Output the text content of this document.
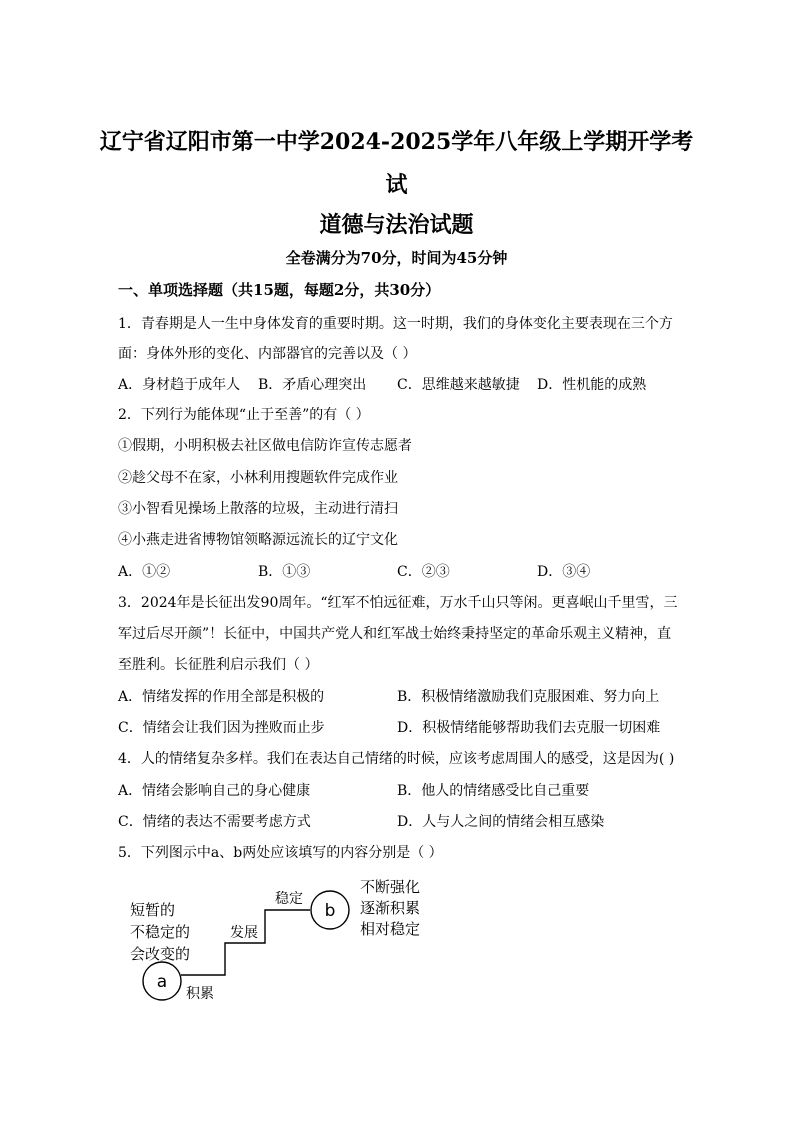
辽宁省辽阳市第一中学2024-2025学年八年级上学期开学考
试
道德与法治试题
全卷满分为70分，时间为45分钟
一、单项选择题（共15题，每题2分，共30分）
1．青春期是人一生中身体发育的重要时期。这一时期，我们的身体变化主要表现在三个方
面：身体外形的变化、内部器官的完善以及（ ）
A．身材趋于成年人 B．矛盾心理突出 C．思维越来越敏捷 D．性机能的成熟
2．下列行为能体现“止于至善”的有（ ）
①假期，小明积极去社区做电信防诈宣传志愿者
②趁父母不在家，小林利用搜题软件完成作业
③小智看见操场上散落的垃圾，主动进行清扫
④小燕走进省博物馆领略源远流长的辽宁文化
A．①②	B．①③	C．②③	D．③④
3．2024年是长征出发90周年。“红军不怕远征难，万水千山只等闲。更喜岷山千里雪，三
军过后尽开颜”！长征中，中国共产党人和红军战士始终秉持坚定的革命乐观主义精神，直
至胜利。长征胜利启示我们（ ）
A．情绪发挥的作用全部是积极的	B．积极情绪激励我们克服困难、努力向上
C．情绪会让我们因为挫败而止步	D．积极情绪能够帮助我们去克服一切困难
4．人的情绪复杂多样。我们在表达自己情绪的时候，应该考虑周围人的感受，这是因为( )
A．情绪会影响自己的身心健康	B．他人的情绪感受比自己重要
C．情绪的表达不需要考虑方式	D．人与人之间的情绪会相互感染
5．下列图示中a、b两处应该填写的内容分别是（ ）
短暂的
不稳定的
会改变的
a
积累
发展
稳定
b
不断强化
逐渐积累
相对稳定
